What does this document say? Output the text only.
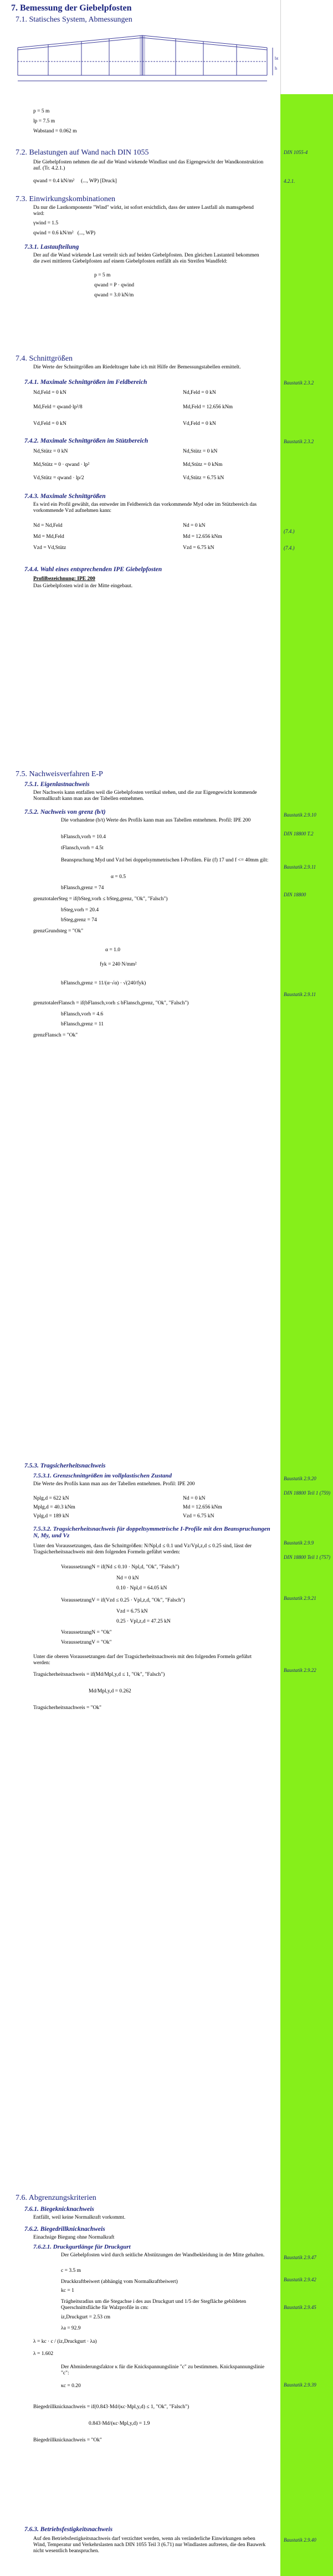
7. Bemessung der Giebelpfosten
7.1. Statisches System, Abmessungen
bt
h
p = 5 m
lp = 7.5 m
Wabstand = 0.062 m
7.2. Belastungen auf Wand nach DIN 1055
Die Giebelpfosten nehmen die auf die Wand wirkende Windlast und das Eigengewicht der Wandkonstruktion auf. (Tr. 4.2.1.)
qwand = 0.4 kN/m² (..., WP) [Druck]
DIN 1055-4
4.2.1.
7.3. Einwirkungskombinationen
Da nur die Lastkomponente "Wind" wirkt, ist sofort ersichtlich, dass der untere Lastfall als mamsgebend wird:
γwind = 1.5
qwind = 0.6 kN/m² (..., WP)
7.3.1. Lastaufteilung
Der auf die Wand wirkende Last verteilt sich auf beiden Giebelpfosten. Den gleichen Lastanteil bekommen die zwei mittleren Giebelpfosten auf einem Giebelpfosten entfällt als ein Streifen Wandfeld:
p = 5 m
qwand = P · qwind
qwand = 3.0 kN/m
7.4. Schnittgrößen
Die Werte der Schnittgrößen am Riedeltrager habe ich mit Hilfe der Bemessungstabellen ermittelt.
7.4.1. Maximale Schnittgrößen im Feldbereich
Nd,Feld = 0 kN
Md,Feld = qwand·lp²/8
Vd,Feld = 0 kN
Nd,Feld = 0 kN
Md,Feld = 12.656 kNm
Vd,Feld = 0 kN
Baustatik 2.3.2
7.4.2. Maximale Schnittgrößen im Stützbereich
Nd,Stütz = 0 kN
Md,Stütz = 0 · qwand · lp²
Vd,Stütz = qwand · lp/2
Nd,Stütz = 0 kN
Md,Stütz = 0 kNm
Vd,Stütz = 6.75 kN
Baustatik 2.3.2
7.4.3. Maximale Schnittgrößen
Es wird ein Profil gewählt, das entweder im Feldbereich das vorkommende Myd oder im Stützbereich das vorkommende Vzd aufnehmen kann:
Nd = Nd,Feld
Md = Md,Feld
Vzd = Vd,Stütz
Nd = 0 kN
Md = 12.656 kNm
Vzd = 6.75 kN
(7.4.)
(7.4.)
7.4.4. Wahl eines entsprechenden IPE Giebelpfosten
Profilbezeichnung: IPE 200
Das Giebelpfosten wird in der Mitte eingebaut.
7.5. Nachweisverfahren E-P
7.5.1. Eigenlastnachweis
Der Nachweis kann entfallen weil die Giebelpfosten vertikal stehen, und die zur Eigengewicht kommende Normallkraft kann man aus der Tabellen entnehmen.
7.5.2. Nachweis von grenz (b/t)
Die vorhandene (b/t) Werte des Profils kann man aus Tabellen entnehmen. Profil: IPE 200
bFlansch,vorh = 10.4
tFlansch,vorh = 4.5t
Beanspruchung Myd und Vzd bei doppelsymmetrischen I-Profilen. Für (f) 17 und f <= 40mm gilt:
α = 0.5
bFlansch,grenz = 74
grenztotalerSteg = if(bSteg,vorh ≤ bSteg,grenz, "Ok", "Falsch")
bSteg,vorh = 20.4
bSteg,grenz = 74
grenzGrundsteg = "Ok"
α = 1.0
fyk = 240 N/mm²
bFlansch,grenz = 11/(α·√α) · √(240/fyk)
grenztotalerFlansch = if(bFlansch,vorh ≤ bFlansch,grenz, "Ok", "Falsch")
bFlansch,vorh = 4.6
bFlansch,grenz = 11
grenzFlansch = "Ok"
Baustatik 2.9.10
DIN 18800 T.2
Baustatik 2.9.11
DIN 18800
Baustatik 2.9.11
7.5.3. Tragsicherheitsnachweis
7.5.3.1. Grenzschnittgrößen im vollplastischen Zustand
Die Werte des Profils kann man aus der Tabellen entnehmen. Profil: IPE 200
Nplg,d = 622 kN
Mplg,d = 40.3 kNm
Vplg,d = 189 kN
Nd = 0 kN
Md = 12.656 kNm
Vzd = 6.75 kN
7.5.3.2. Tragsicherheitsnachweis für doppeltsymmetrische I-Profile mit den Beanspruchungen N, My, und Vz
Unter den Voraussetzungen, dass die Schnittgrößen: N/Npl,d ≤ 0.1 und Vz/Vpl,z,d ≤ 0.25 sind, lässt der Tragsicherheitsnachweis mit dem folgenden Formeln geführt werden:
VoraussetzungN = if(Nd ≤ 0.10 · Npl,d, "Ok", "Falsch")
Nd = 0 kN
0.10 · Npl,d = 64.05 kN
VoraussetzungV = if(Vzd ≤ 0.25 · Vpl,z,d, "Ok", "Falsch")
Vzd = 6.75 kN
0.25 · Vpl,z,d = 47.25 kN
VoraussetzungN = "Ok"
VoraussetzungV = "Ok"
Unter die oberen Voraussetzungen darf der Tragsicherheitsnachweis mit den folgenden Formeln geführt werden:
Tragsicherheitsnachweis = if(Md/Mpl,y,d ≤ 1, "Ok", "Falsch")
Md/Mpl,y,d = 0.262
Tragsicherheitsnachweis = "Ok"
Baustatik 2.9.20
DIN 18800 Teil 1 (759)
Baustatik 2.9.9
DIN 18800 Teil 1 (757)
Baustatik 2.9.21
Baustatik 2.9.22
7.6. Abgrenzungskriterien
7.6.1. Biegeknicknachweis
Entfällt, weil keine Normalkraft vorkommt.
7.6.2. Biegedrillknicknachweis
Einachsige Biegung ohne Normalkraft
7.6.2.1. Druckgurtlänge für Druckgurt
Der Giebelpfosten wird durch seitliche Abstützungen der Wandbekleidung in der Mitte gehalten.
c = 3.5 m
Druckkraftbeiwert (abhängig vom Normalkraftbeiwert)
kc = 1
Trägheitsradius um die Stegachse i des aus Druckgurt und 1/5 der Stegfläche gebildeten Querschnittsfläche für Walzprofile in cm:
iz,Druckgurt = 2.53 cm
λa = 92.9
λ = kc · c / (iz,Druckgurt · λa)
λ = 1.602
Der Abminderungsfaktor κ für die Knickspannungslinie "c" zu bestimmen. Knickspannungslinie "c":
κc = 0.20
Biegedrillknicknachweis = if(0.843·Md/(κc·Mpl,y,d) ≤ 1, "Ok", "Falsch")
0.843·Md/(κc·Mpl,y,d) = 1.9
Biegedrillknicknachweis = "Ok"
7.6.3. Betriebsfestigkeitsnachweis
Auf den Betriebsfestigkeitsnachweis darf verzichtet werden, wenn als veränderliche Einwirkungen neben Wind, Temperatur und Verkehrslasten nach DIN 1055 Teil 3 (6.71) nur Windlasten auftreten, die den Bauwerk nicht wesentlich beanspruchen.
Baustatik 2.9.47
Baustatik 2.9.42
Baustatik 2.9.45
Baustatik 2.9.39
Baustatik 2.9.40
